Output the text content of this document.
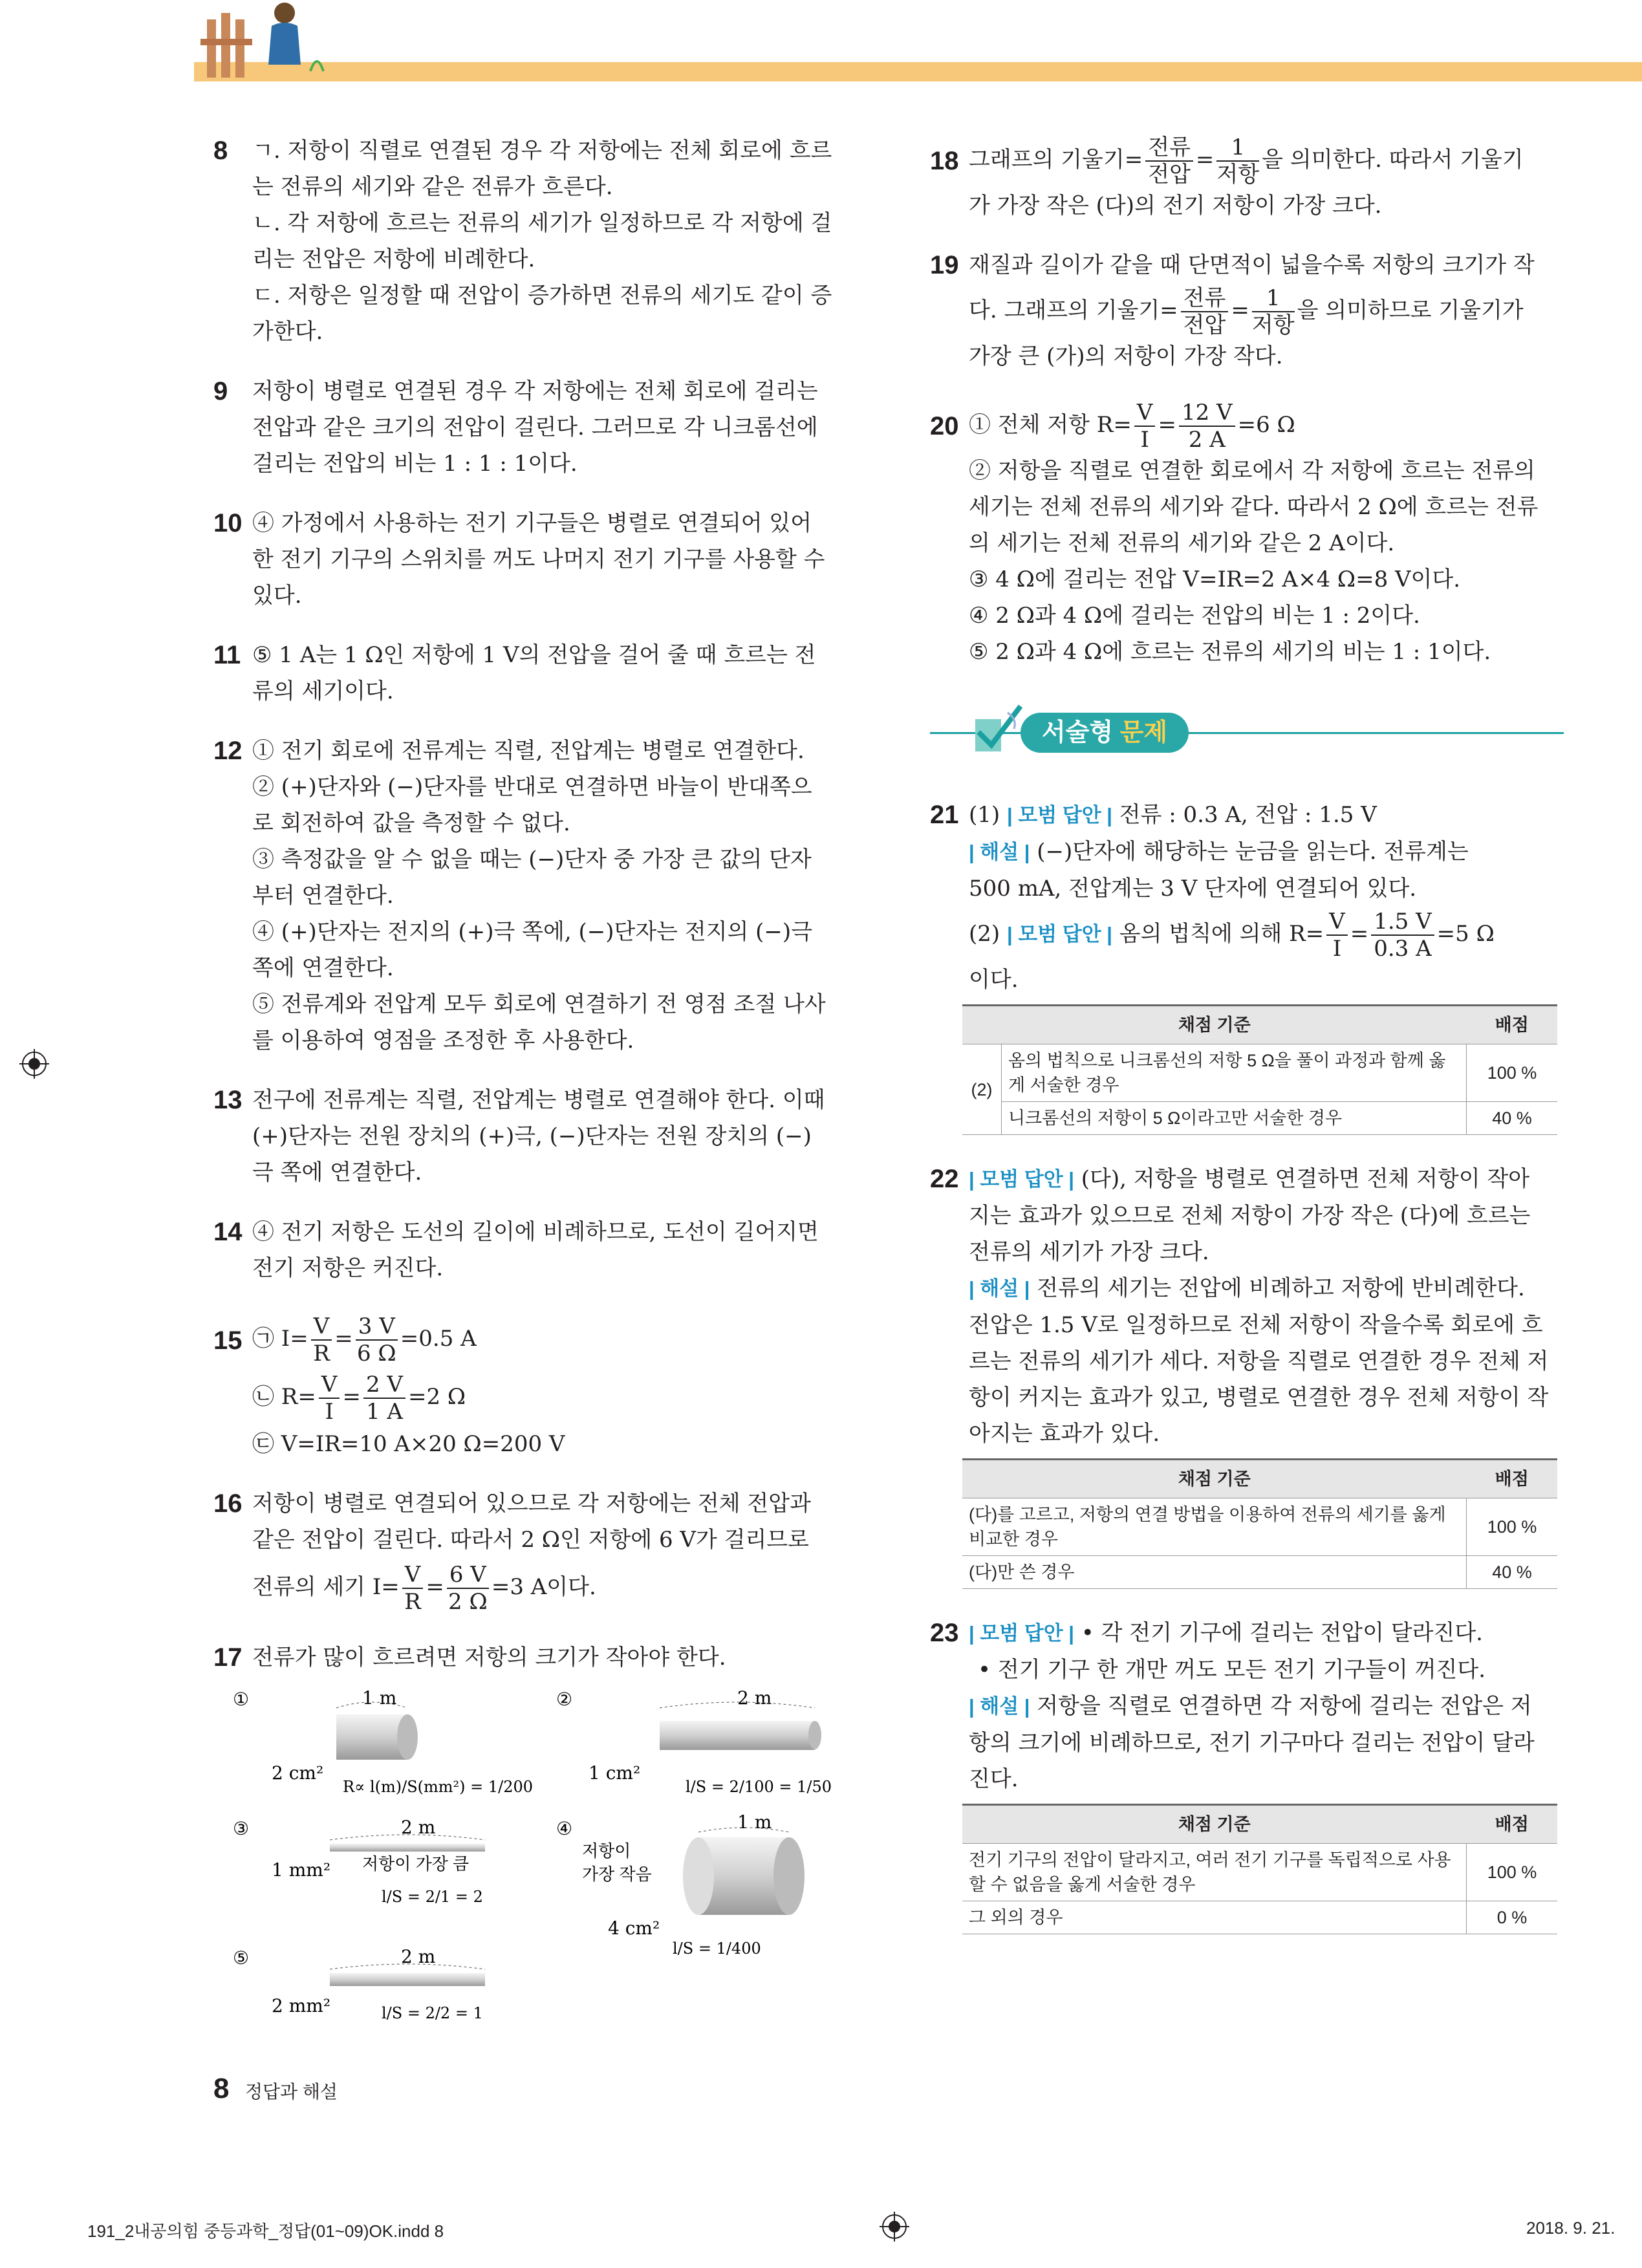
8 ㄱ. 저항이 직렬로 연결된 경우 각 저항에는 전체 회로에 흐르
는 전류의 세기와 같은 전류가 흐른다.
ㄴ. 각 저항에 흐르는 전류의 세기가 일정하므로 각 저항에 걸
리는 전압은 저항에 비례한다.
ㄷ. 저항은 일정할 때 전압이 증가하면 전류의 세기도 같이 증
가한다.
9 저항이 병렬로 연결된 경우 각 저항에는 전체 회로에 걸리는
전압과 같은 크기의 전압이 걸린다. 그러므로 각 니크롬선에
걸리는 전압의 비는 1 : 1 : 1이다.
10 ④ 가정에서 사용하는 전기 기구들은 병렬로 연결되어 있어
한 전기 기구의 스위치를 꺼도 나머지 전기 기구를 사용할 수
있다.
11 ⑤ 1 A는 1 Ω인 저항에 1 V의 전압을 걸어 줄 때 흐르는 전
류의 세기이다.
12 ① 전기 회로에 전류계는 직렬, 전압계는 병렬로 연결한다.
② (+)단자와 (−)단자를 반대로 연결하면 바늘이 반대쪽으
로 회전하여 값을 측정할 수 없다.
③ 측정값을 알 수 없을 때는 (−)단자 중 가장 큰 값의 단자
부터 연결한다.
④ (+)단자는 전지의 (+)극 쪽에, (−)단자는 전지의 (−)극
쪽에 연결한다.
⑤ 전류계와 전압계 모두 회로에 연결하기 전 영점 조절 나사
를 이용하여 영점을 조정한 후 사용한다.
13 전구에 전류계는 직렬, 전압계는 병렬로 연결해야 한다. 이때
(+)단자는 전원 장치의 (+)극, (−)단자는 전원 장치의 (−)
극 쪽에 연결한다.
14 ④ 전기 저항은 도선의 길이에 비례하므로, 도선이 길어지면
전기 저항은 커진다.
15 ㉠ $I= \frac{V}{R} = \frac{3 V}{6 \Omega} =0.5$ A
㉡ $R= \frac{V}{I} = \frac{2 V}{1 A} =2$ Ω
㉢ V=IR=10 A×20 Ω=200 V
16 저항이 병렬로 연결되어 있으므로 각 저항에는 전체 전압과
같은 전압이 걸린다. 따라서 2 Ω인 저항에 6 V가 걸리므로
전류의 세기 $I= \frac{V}{R} = \frac{6 V}{2 \Omega} =3$ A이다.
17 전류가 많이 흐르려면 저항의 크기가 작아야 한다.
①	1 m
2 cm²
R∝ l(m)/S(mm²) = 1/200
②	2 m
1 cm²
l/S = 2/100 = 1/50
③	2 m
1 mm² 저항이 가장 큼
l/S = 2/1 = 2
④	1 m
저항이
가장 작음
4 cm²
l/S = 1/400
⑤	2 m
2 mm²	l/S = 2/2 = 1
18 그래프의 기울기= $\frac{\text{전류}}{\text{전압}} = \frac{1}{\text{저항}}$ 을 의미한다. 따라서 기울기
가 가장 작은 (다)의 전기 저항이 가장 크다.
19 재질과 길이가 같을 때 단면적이 넓을수록 저항의 크기가 작
다. 그래프의 기울기= $\frac{\text{전류}}{\text{전압}} = \frac{1}{\text{저항}}$ 을 의미하므로 기울기가
가장 큰 (가)의 저항이 가장 작다.
20 ① 전체 저항 $R= \frac{V}{I} = \frac{12 V}{2 A} =6$ Ω
② 저항을 직렬로 연결한 회로에서 각 저항에 흐르는 전류의
세기는 전체 전류의 세기와 같다. 따라서 2 Ω에 흐르는 전류
의 세기는 전체 전류의 세기와 같은 2 A이다.
③ 4 Ω에 걸리는 전압 V=IR=2 A×4 Ω=8 V이다.
④ 2 Ω과 4 Ω에 걸리는 전압의 비는 1 : 2이다.
⑤ 2 Ω과 4 Ω에 흐르는 전류의 세기의 비는 1 : 1이다.
서술형 문제
21 (1) | 모범 답안 | 전류 : 0.3 A, 전압 : 1.5 V
| 해설 | (−)단자에 해당하는 눈금을 읽는다. 전류계는
500 mA, 전압계는 3 V 단자에 연결되어 있다.
(2) | 모범 답안 | 옴의 법칙에 의해 $R= \frac{V}{I} = \frac{1.5 V}{0.3 A} =5$ Ω
이다.
채점 기준		배점
(2)	옴의 법칙으로 니크롬선의 저항 5 Ω을 풀이 과정과 함께 옳게 서술한 경우	100 %
	니크롬선의 저항이 5 Ω이라고만 서술한 경우	40 %
22 | 모범 답안 | (다), 저항을 병렬로 연결하면 전체 저항이 작아
지는 효과가 있으므로 전체 저항이 가장 작은 (다)에 흐르는
전류의 세기가 가장 크다.
| 해설 | 전류의 세기는 전압에 비례하고 저항에 반비례한다.
전압은 1.5 V로 일정하므로 전체 저항이 작을수록 회로에 흐
르는 전류의 세기가 세다. 저항을 직렬로 연결한 경우 전체 저
항이 커지는 효과가 있고, 병렬로 연결한 경우 전체 저항이 작
아지는 효과가 있다.
채점 기준	배점
(다)를 고르고, 저항의 연결 방법을 이용하여 전류의 세기를 옳게 비교한 경우	100 %
(다)만 쓴 경우	40 %
23 | 모범 답안 | • 각 전기 기구에 걸리는 전압이 달라진다.
• 전기 기구 한 개만 꺼도 모든 전기 기구들이 꺼진다.
| 해설 | 저항을 직렬로 연결하면 각 저항에 걸리는 전압은 저
항의 크기에 비례하므로, 전기 기구마다 걸리는 전압이 달라
진다.
채점 기준	배점
전기 기구의 전압이 달라지고, 여러 전기 기구를 독립적으로 사용할 수 없음을 옳게 서술한 경우	100 %
그 외의 경우	0 %
8 정답과 해설
191_2내공의힘 중등과학_정답(01~09)OK.indd 8	2018. 9. 21.
